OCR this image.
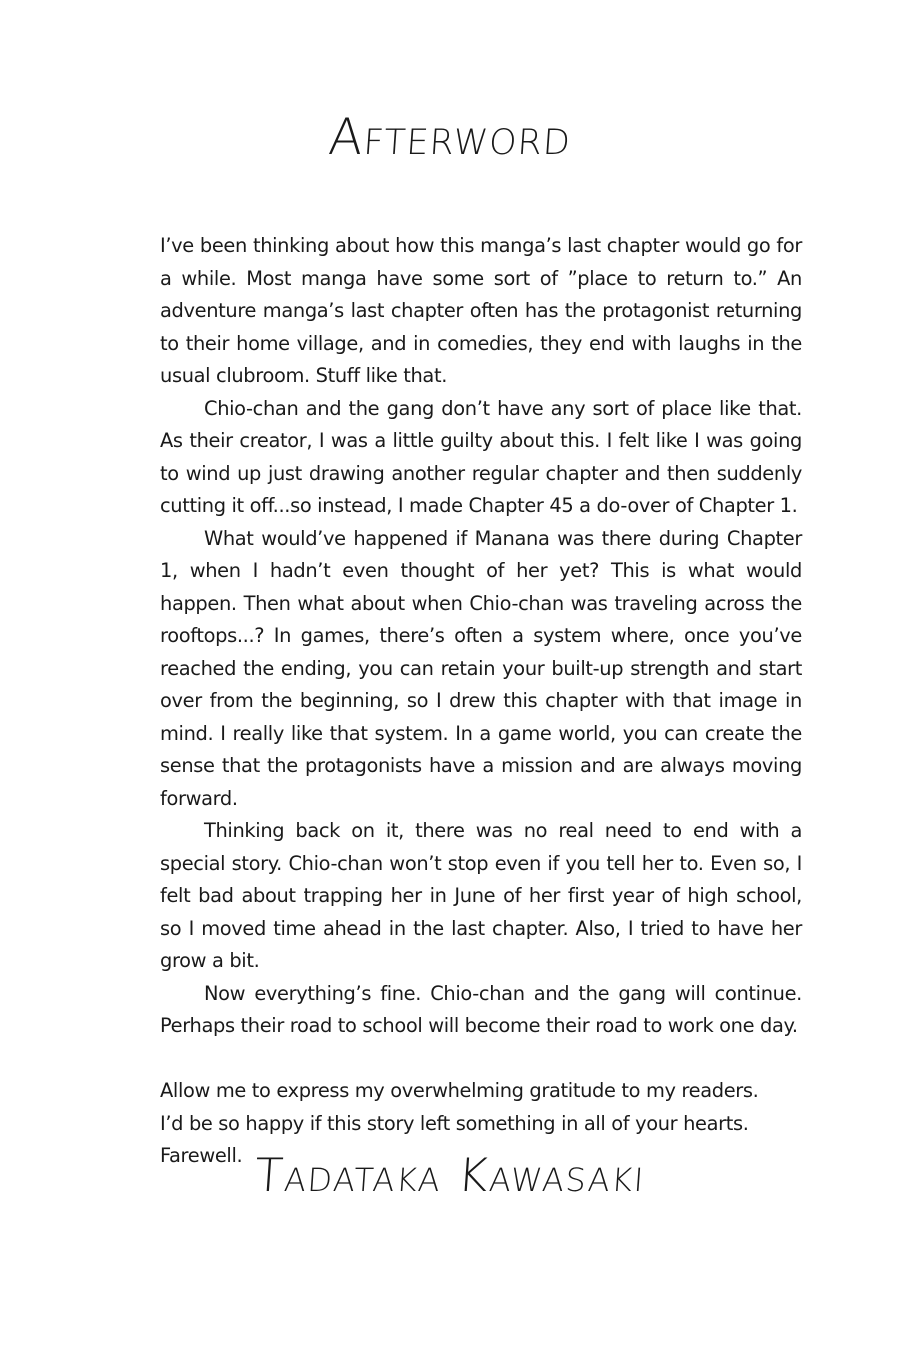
Afterword

I’ve been thinking about how this manga’s last chapter would go for a while. Most manga have some sort of ”place to return to.” An adventure manga’s last chapter often has the protagonist returning to their home village, and in comedies, they end with laughs in the usual clubroom. Stuff like that.

Chio-chan and the gang don’t have any sort of place like that. As their creator, I was a little guilty about this. I felt like I was going to wind up just drawing another regular chapter and then suddenly cutting it off...so instead, I made Chapter 45 a do-over of Chapter 1.

What would’ve happened if Manana was there during Chapter 1, when I hadn’t even thought of her yet? This is what would happen. Then what about when Chio-chan was traveling across the rooftops...? In games, there’s often a system where, once you’ve reached the ending, you can retain your built-up strength and start over from the beginning, so I drew this chapter with that image in mind. I really like that system. In a game world, you can create the sense that the protagonists have a mission and are always moving forward.

Thinking back on it, there was no real need to end with a special story. Chio-chan won’t stop even if you tell her to. Even so, I felt bad about trapping her in June of her first year of high school, so I moved time ahead in the last chapter. Also, I tried to have her grow a bit.

Now everything’s fine. Chio-chan and the gang will continue. Perhaps their road to school will become their road to work one day.

Allow me to express my overwhelming gratitude to my readers.

I’d be so happy if this story left something in all of your hearts.

Farewell. Tadataka Kawasaki
